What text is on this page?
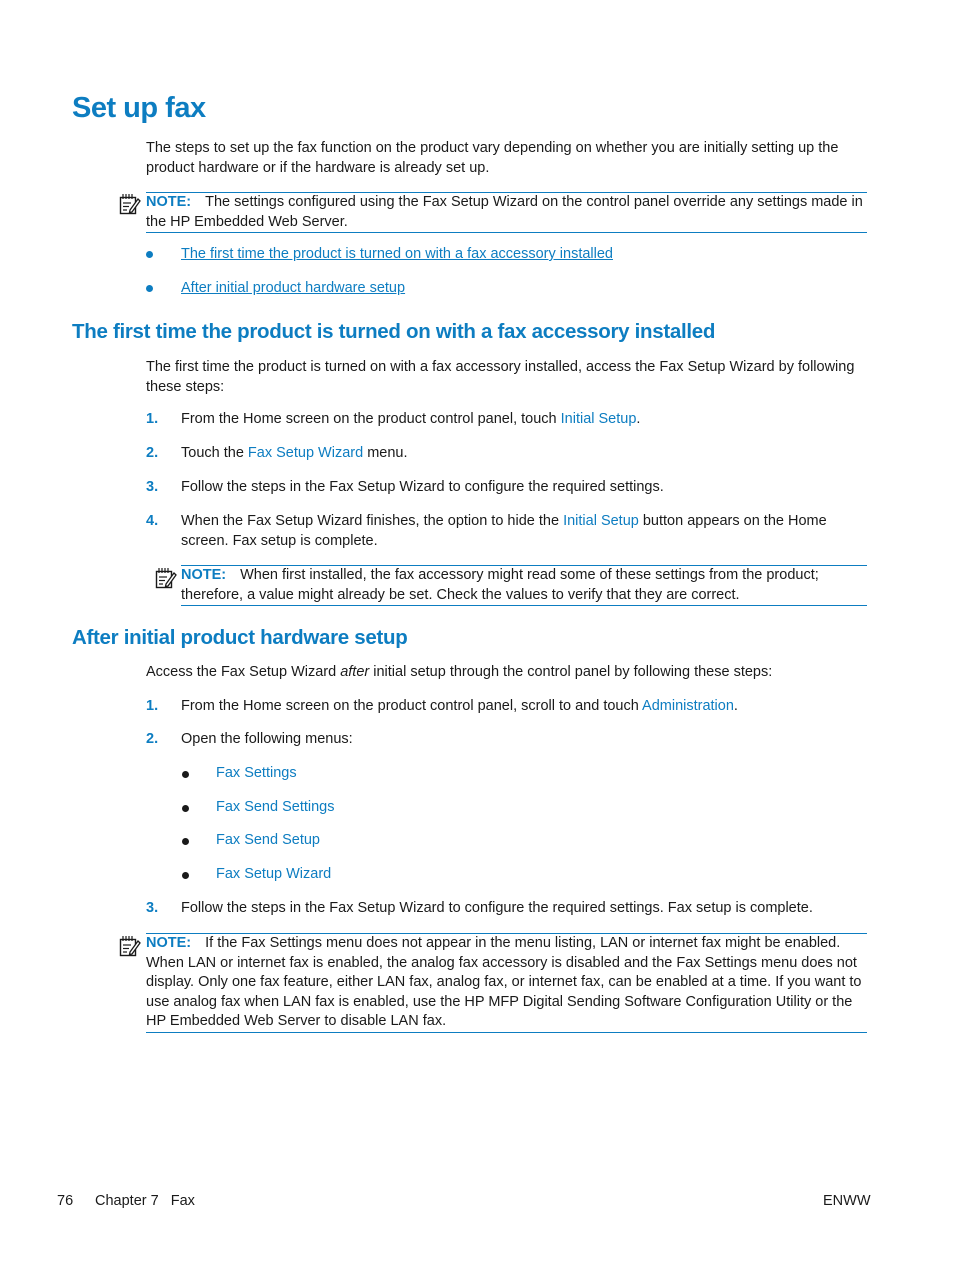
Set up fax

The steps to set up the fax function on the product vary depending on whether you are initially setting up the product hardware or if the hardware is already set up.

NOTE: The settings configured using the Fax Setup Wizard on the control panel override any settings made in the HP Embedded Web Server.
The first time the product is turned on with a fax accessory installed
After initial product hardware setup
The first time the product is turned on with a fax accessory installed

The first time the product is turned on with a fax accessory installed, access the Fax Setup Wizard by following these steps:

1. From the Home screen on the product control panel, touch Initial Setup.
2. Touch the Fax Setup Wizard menu.
3. Follow the steps in the Fax Setup Wizard to configure the required settings.
4. When the Fax Setup Wizard finishes, the option to hide the Initial Setup button appears on the Home screen. Fax setup is complete.
NOTE: When first installed, the fax accessory might read some of these settings from the product; therefore, a value might already be set. Check the values to verify that they are correct.
After initial product hardware setup

Access the Fax Setup Wizard after initial setup through the control panel by following these steps:

1. From the Home screen on the product control panel, scroll to and touch Administration.
2. Open the following menus:
Fax Settings
Fax Send Settings
Fax Send Setup
Fax Setup Wizard
3. Follow the steps in the Fax Setup Wizard to configure the required settings. Fax setup is complete.
NOTE: If the Fax Settings menu does not appear in the menu listing, LAN or internet fax might be enabled. When LAN or internet fax is enabled, the analog fax accessory is disabled and the Fax Settings menu does not display. Only one fax feature, either LAN fax, analog fax, or internet fax, can be enabled at a time. If you want to use analog fax when LAN fax is enabled, use the HP MFP Digital Sending Software Configuration Utility or the HP Embedded Web Server to disable LAN fax.
76 Chapter 7   Fax	ENWW
